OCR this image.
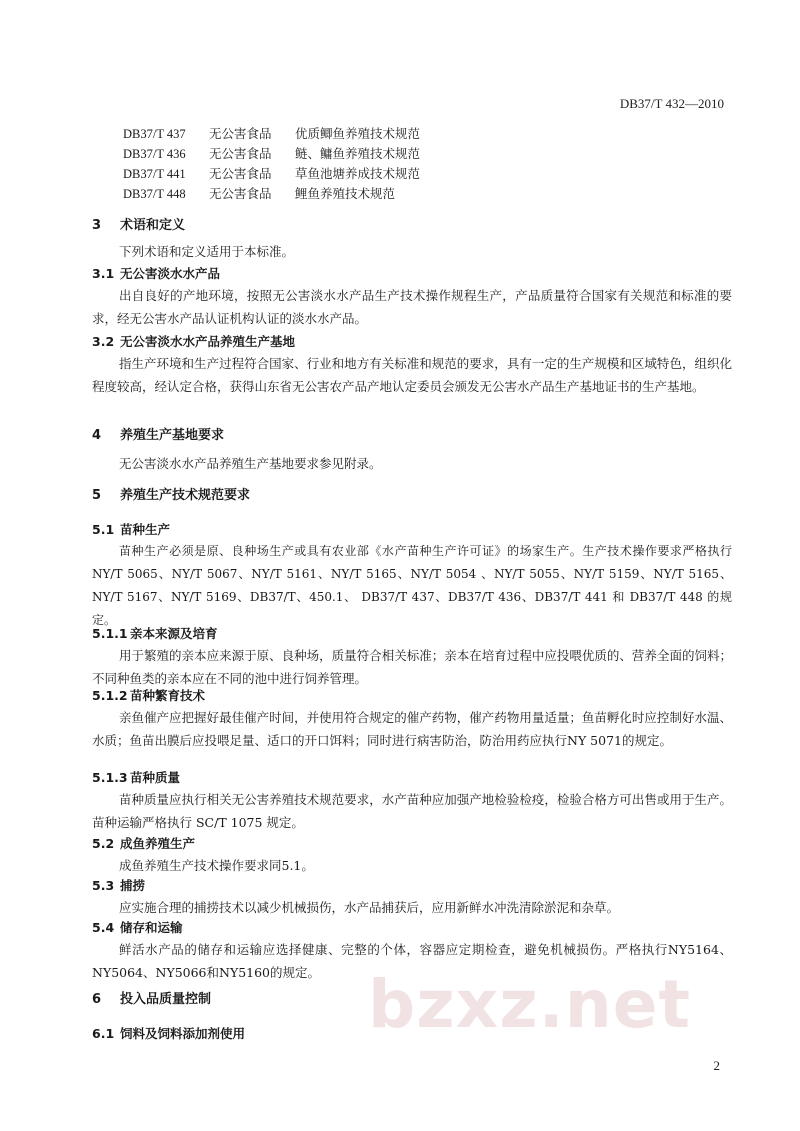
DB37/T 432—2010
DB37/T 437 无公害食品 优质鲫鱼养殖技术规范
DB37/T 436 无公害食品 鲢、鳙鱼养殖技术规范
DB37/T 441 无公害食品 草鱼池塘养成技术规范
DB37/T 448 无公害食品 鲤鱼养殖技术规范
3 术语和定义

下列术语和定义适用于本标准。

3.1 无公害淡水水产品

出自良好的产地环境，按照无公害淡水水产品生产技术操作规程生产，产品质量符合国家有关规范和标准的要求，经无公害水产品认证机构认证的淡水水产品。

3.2 无公害淡水水产品养殖生产基地

指生产环境和生产过程符合国家、行业和地方有关标准和规范的要求，具有一定的生产规模和区域特色，组织化程度较高，经认定合格，获得山东省无公害农产品产地认定委员会颁发无公害水产品生产基地证书的生产基地。

4 养殖生产基地要求

无公害淡水水产品养殖生产基地要求参见附录。

5 养殖生产技术规范要求
5.1 苗种生产

苗种生产必须是原、良种场生产或具有农业部《水产苗种生产许可证》的场家生产。生产技术操作要求严格执行 NY/T 5065、NY/T 5067、NY/T 5161、NY/T 5165、NY/T 5054 、NY/T 5055、NY/T 5159、NY/T 5165、NY/T 5167、NY/T 5169、DB37/T、450.1、 DB37/T 437、DB37/T 436、DB37/T 441 和 DB37/T 448 的规定。

5.1.1 亲本来源及培育

用于繁殖的亲本应来源于原、良种场，质量符合相关标准；亲本在培育过程中应投喂优质的、营养全面的饲料；不同种鱼类的亲本应在不同的池中进行饲养管理。

5.1.2 苗种繁育技术

亲鱼催产应把握好最佳催产时间，并使用符合规定的催产药物，催产药物用量适量；鱼苗孵化时应控制好水温、水质；鱼苗出膜后应投喂足量、适口的开口饵料；同时进行病害防治，防治用药应执行NY 5071的规定。

5.1.3 苗种质量

苗种质量应执行相关无公害养殖技术规范要求，水产苗种应加强产地检验检疫，检验合格方可出售或用于生产。苗种运输严格执行 SC/T 1075 规定。

5.2 成鱼养殖生产

成鱼养殖生产技术操作要求同5.1。

5.3 捕捞

应实施合理的捕捞技术以减少机械损伤，水产品捕获后，应用新鲜水冲洗清除淤泥和杂草。

5.4 储存和运输

鲜活水产品的储存和运输应选择健康、完整的个体，容器应定期检查，避免机械损伤。严格执行NY5164、NY5064、NY5066和NY5160的规定。

6 投入品质量控制
6.1 饲料及饲料添加剂使用	bzxz.net
2
